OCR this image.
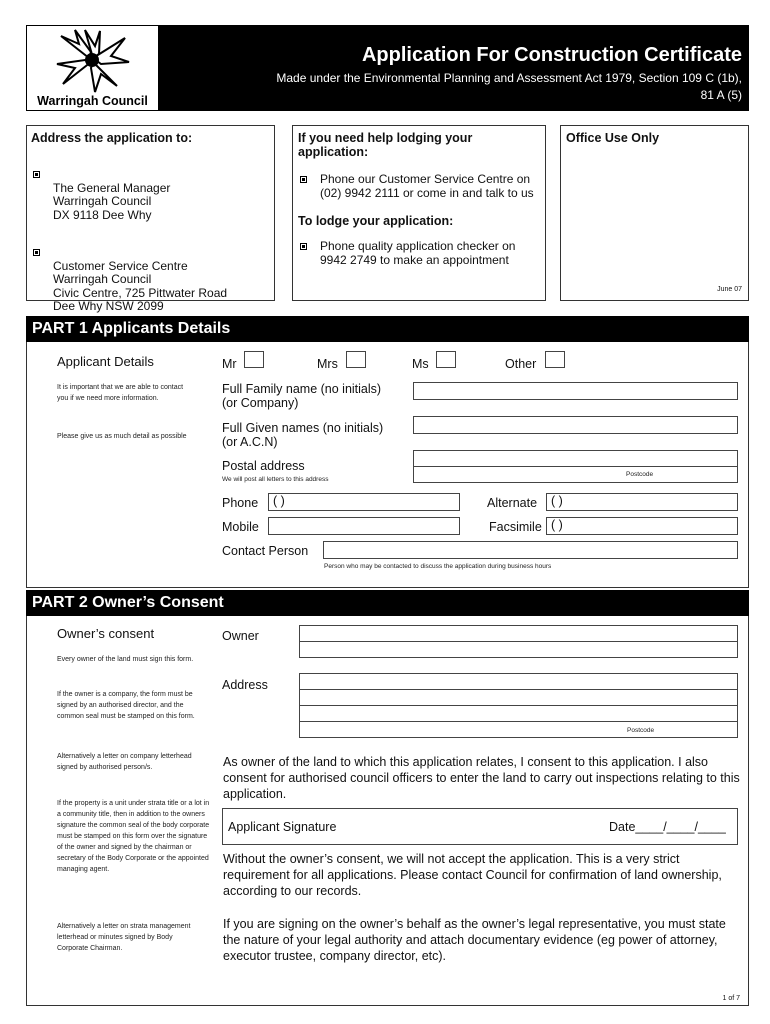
Warringah Council
Application For Construction Certificate
Made under the Environmental Planning and Assessment Act 1979, Section 109 C (1b), 81 A (5)
Address the application to:

The General Manager
Warringah Council
DX 9118 Dee Why

Customer Service Centre
Warringah Council
Civic Centre, 725 Pittwater Road
Dee Why NSW 2099

If you need help lodging your application:
Phone our Customer Service Centre on (02) 9942 2111 or come in and talk to us
To lodge your application:
Phone quality application checker on 9942 2749 to make an appointment
Office Use Only
June 07
PART 1 Applicants Details
Applicant Details
It is important that we are able to contact you if we need more information.
Please give us as much detail as possible
Mr	Mrs	Ms	Other
Full Family name (no initials)
(or Company)
Full Given names (no initials)
(or A.C.N)
Postal address
We will post all letters to this address
Postcode
Phone ( )	Alternate ( )
Mobile	Facsimile ( )
Contact Person
Person who may be contacted to discuss the application during business hours
PART 2 Owner’s Consent
Owner’s consent
Every owner of the land must sign this form.
If the owner is a company, the form must be signed by an authorised director, and the common seal must be stamped on this form.
Alternatively a letter on company letterhead signed by authorised person/s.
If the property is a unit under strata title or a lot in a community title, then in addition to the owners signature the common seal of the body corporate must be stamped on this form over the signature of the owner and signed by the chairman or secretary of the Body Corporate or the appointed managing agent.
Alternatively a letter on strata management letterhead or minutes signed by Body Corporate Chairman.
Owner
Address
Postcode
As owner of the land to which this application relates, I consent to this application. I also consent for authorised council officers to enter the land to carry out inspections relating to this application.
Applicant Signature	Date____/____/____
Without the owner’s consent, we will not accept the application. This is a very strict requirement for all applications. Please contact Council for confirmation of land ownership, according to our records.
If you are signing on the owner’s behalf as the owner’s legal representative, you must state the nature of your legal authority and attach documentary evidence (eg power of attorney, executor trustee, company director, etc).
1 of 7
